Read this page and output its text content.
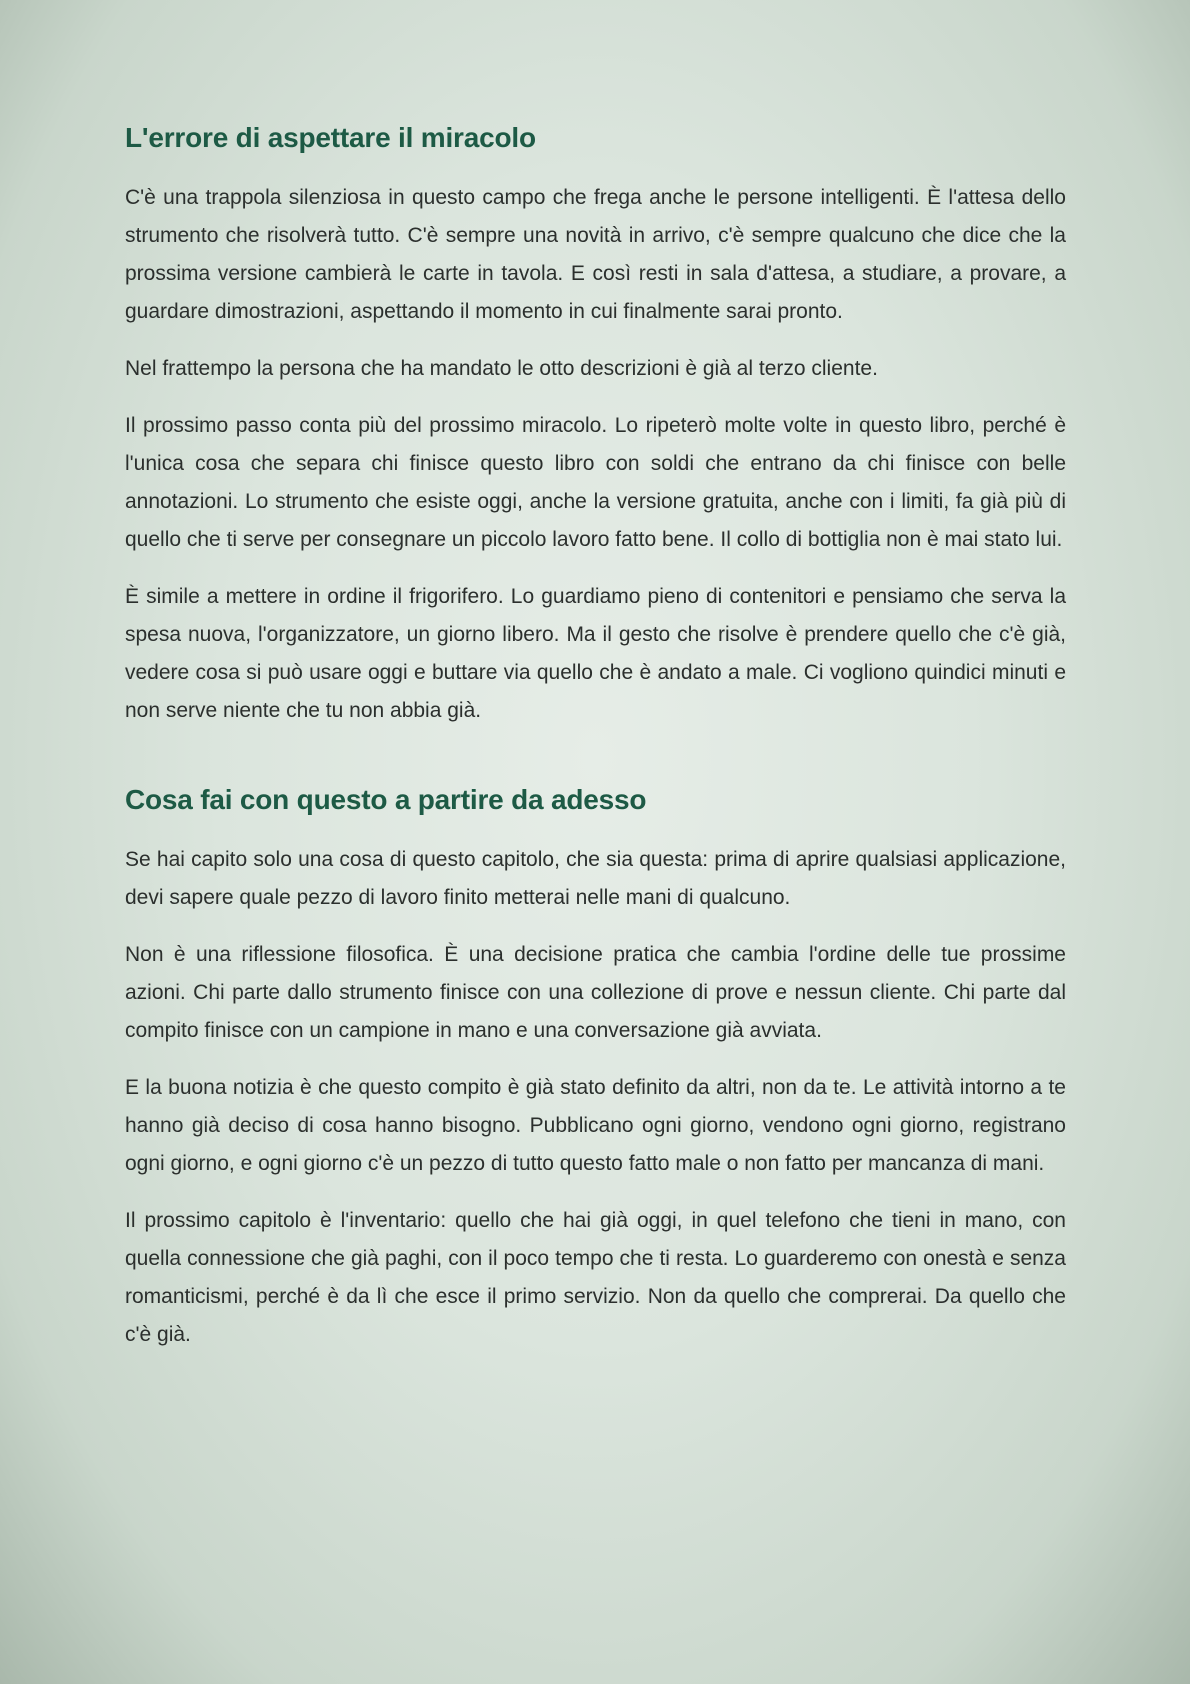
L'errore di aspettare il miracolo

C'è una trappola silenziosa in questo campo che frega anche le persone intelligenti. È l'attesa dello strumento che risolverà tutto. C'è sempre una novità in arrivo, c'è sempre qualcuno che dice che la prossima versione cambierà le carte in tavola. E così resti in sala d'attesa, a studiare, a provare, a guardare dimostrazioni, aspettando il momento in cui finalmente sarai pronto.

Nel frattempo la persona che ha mandato le otto descrizioni è già al terzo cliente.

Il prossimo passo conta più del prossimo miracolo. Lo ripeterò molte volte in questo libro, perché è l'unica cosa che separa chi finisce questo libro con soldi che entrano da chi finisce con belle annotazioni. Lo strumento che esiste oggi, anche la versione gratuita, anche con i limiti, fa già più di quello che ti serve per consegnare un piccolo lavoro fatto bene. Il collo di bottiglia non è mai stato lui.

È simile a mettere in ordine il frigorifero. Lo guardiamo pieno di contenitori e pensiamo che serva la spesa nuova, l'organizzatore, un giorno libero. Ma il gesto che risolve è prendere quello che c'è già, vedere cosa si può usare oggi e buttare via quello che è andato a male. Ci vogliono quindici minuti e non serve niente che tu non abbia già.

Cosa fai con questo a partire da adesso

Se hai capito solo una cosa di questo capitolo, che sia questa: prima di aprire qualsiasi applicazione, devi sapere quale pezzo di lavoro finito metterai nelle mani di qualcuno.

Non è una riflessione filosofica. È una decisione pratica che cambia l'ordine delle tue prossime azioni. Chi parte dallo strumento finisce con una collezione di prove e nessun cliente. Chi parte dal compito finisce con un campione in mano e una conversazione già avviata.

E la buona notizia è che questo compito è già stato definito da altri, non da te. Le attività intorno a te hanno già deciso di cosa hanno bisogno. Pubblicano ogni giorno, vendono ogni giorno, registrano ogni giorno, e ogni giorno c'è un pezzo di tutto questo fatto male o non fatto per mancanza di mani.

Il prossimo capitolo è l'inventario: quello che hai già oggi, in quel telefono che tieni in mano, con quella connessione che già paghi, con il poco tempo che ti resta. Lo guarderemo con onestà e senza romanticismi, perché è da lì che esce il primo servizio. Non da quello che comprerai. Da quello che c'è già.
